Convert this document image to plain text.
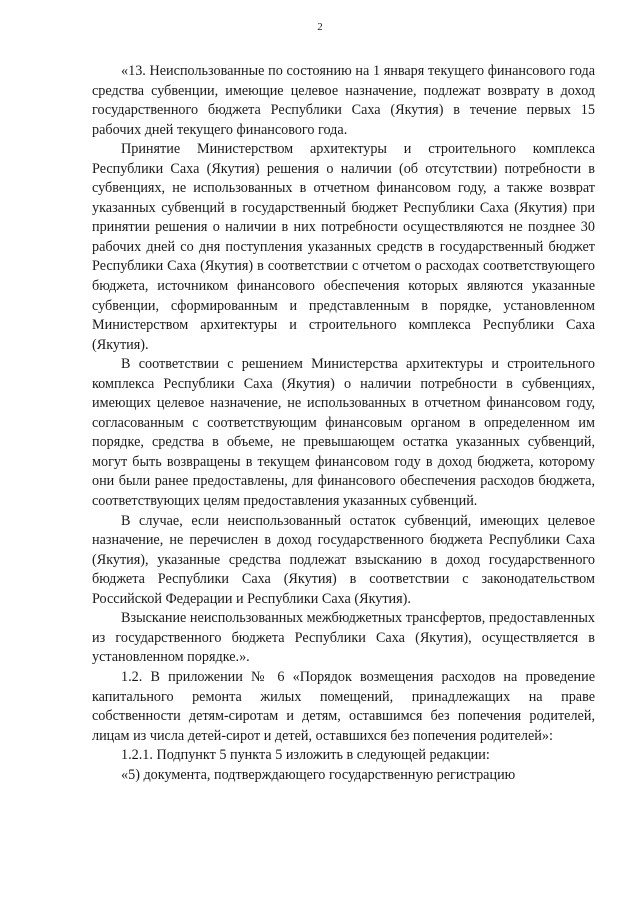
2

«13. Неиспользованные по состоянию на 1 января текущего финансового года средства субвенции, имеющие целевое назначение, подлежат возврату в доход государственного бюджета Республики Саха (Якутия) в течение первых 15 рабочих дней текущего финансового года.

Принятие Министерством архитектуры и строительного комплекса Республики Саха (Якутия) решения о наличии (об отсутствии) потребности в субвенциях, не использованных в отчетном финансовом году, а также возврат указанных субвенций в государственный бюджет Республики Саха (Якутия) при принятии решения о наличии в них потребности осуществляются не позднее 30 рабочих дней со дня поступления указанных средств в государственный бюджет Республики Саха (Якутия) в соответствии с отчетом о расходах соответствующего бюджета, источником финансового обеспечения которых являются указанные субвенции, сформированным и представленным в порядке, установленном Министерством архитектуры и строительного комплекса Республики Саха (Якутия).

В соответствии с решением Министерства архитектуры и строительного комплекса Республики Саха (Якутия) о наличии потребности в субвенциях, имеющих целевое назначение, не использованных в отчетном финансовом году, согласованным с соответствующим финансовым органом в определенном им порядке, средства в объеме, не превышающем остатка указанных субвенций, могут быть возвращены в текущем финансовом году в доход бюджета, которому они были ранее предоставлены, для финансового обеспечения расходов бюджета, соответствующих целям предоставления указанных субвенций.

В случае, если неиспользованный остаток субвенций, имеющих целевое назначение, не перечислен в доход государственного бюджета Республики Саха (Якутия), указанные средства подлежат взысканию в доход государственного бюджета Республики Саха (Якутия) в соответствии с законодательством Российской Федерации и Республики Саха (Якутия).

Взыскание неиспользованных межбюджетных трансфертов, предоставленных из государственного бюджета Республики Саха (Якутия), осуществляется в установленном порядке.».

1.2. В приложении № 6 «Порядок возмещения расходов на проведение капитального ремонта жилых помещений, принадлежащих на праве собственности детям-сиротам и детям, оставшимся без попечения родителей, лицам из числа детей-сирот и детей, оставшихся без попечения родителей»:

1.2.1. Подпункт 5 пункта 5 изложить в следующей редакции:

«5) документа, подтверждающего государственную регистрацию
